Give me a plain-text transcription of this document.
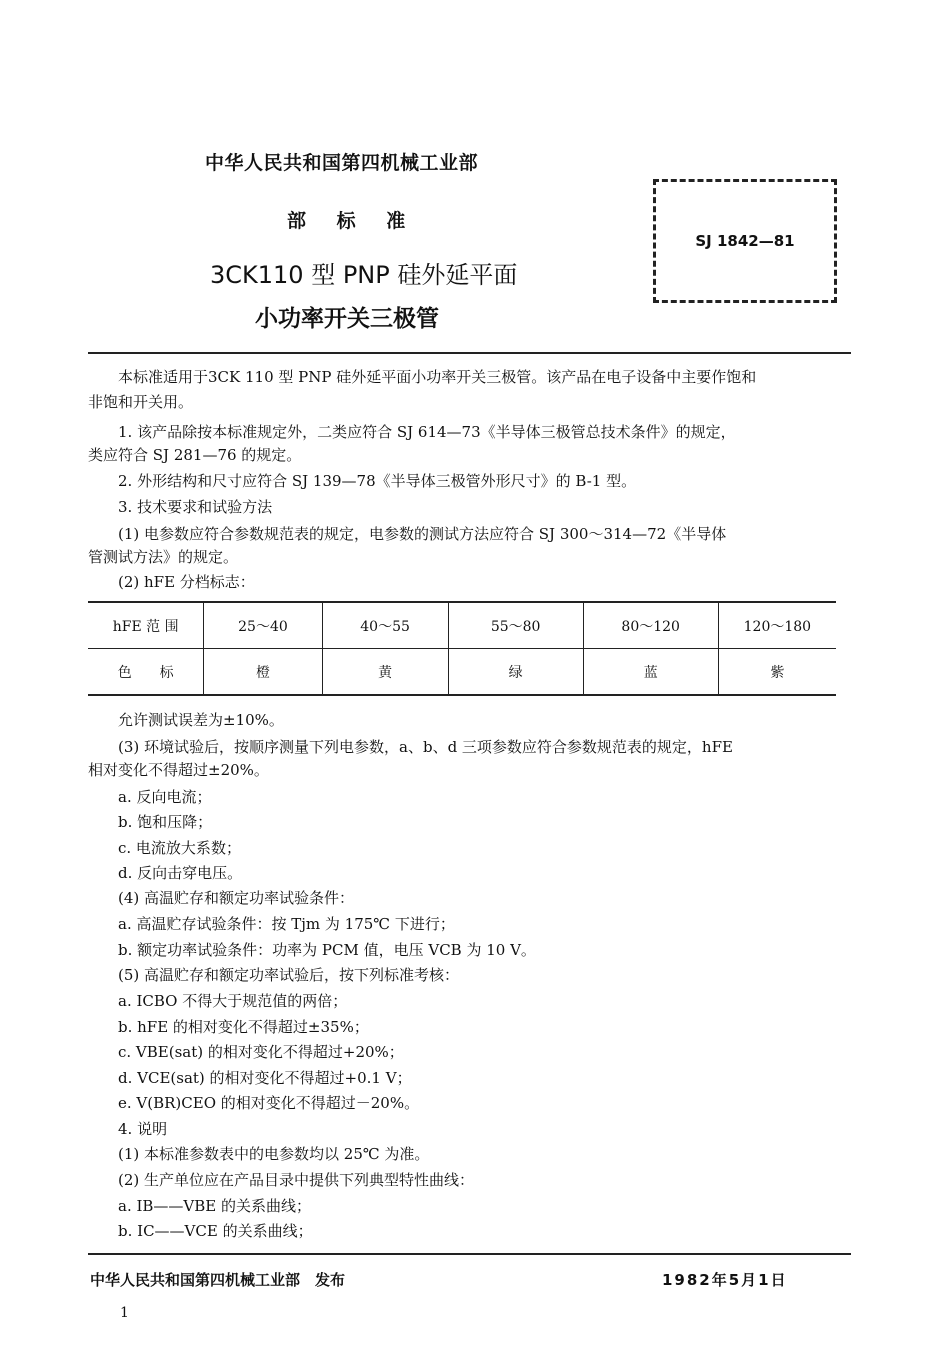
中华人民共和国第四机械工业部
部 标 准
3CK110 型 PNP 硅外延平面
小功率开关三极管
SJ 1842—81
本标准适用于3CK 110 型 PNP 硅外延平面小功率开关三极管。该产品在电子设备中主要作饱和
非饱和开关用。
1. 该产品除按本标准规定外，二类应符合 SJ 614—73《半导体三极管总技术条件》的规定，
类应符合 SJ 281—76 的规定。
2. 外形结构和尺寸应符合 SJ 139—78《半导体三极管外形尺寸》的 B-1 型。
3. 技术要求和试验方法
(1) 电参数应符合参数规范表的规定，电参数的测试方法应符合 SJ 300～314—72《半导体
管测试方法》的规定。
(2) hFE 分档标志：
hFE 范 围	25～40	40～55	55～80	80～120	120～180
色　　标	橙	黄	绿	蓝	紫
允许测试误差为±10%。
(3) 环境试验后，按顺序测量下列电参数，a、b、d 三项参数应符合参数规范表的规定，hFE
相对变化不得超过±20%。
a. 反向电流；
b. 饱和压降；
c. 电流放大系数；
d. 反向击穿电压。
(4) 高温贮存和额定功率试验条件：
a. 高温贮存试验条件：按 Tjm 为 175℃ 下进行；
b. 额定功率试验条件：功率为 PCM 值，电压 VCB 为 10 V。
(5) 高温贮存和额定功率试验后，按下列标准考核：
a. ICBO 不得大于规范值的两倍；
b. hFE 的相对变化不得超过±35%；
c. VBE(sat) 的相对变化不得超过+20%；
d. VCE(sat) 的相对变化不得超过+0.1 V；
e. V(BR)CEO 的相对变化不得超过－20%。
4. 说明
(1) 本标准参数表中的电参数均以 25℃ 为准。
(2) 生产单位应在产品目录中提供下列典型特性曲线：
a. IB——VBE 的关系曲线；
b. IC——VCE 的关系曲线；
中华人民共和国第四机械工业部　发布	1982年5月1日
1
